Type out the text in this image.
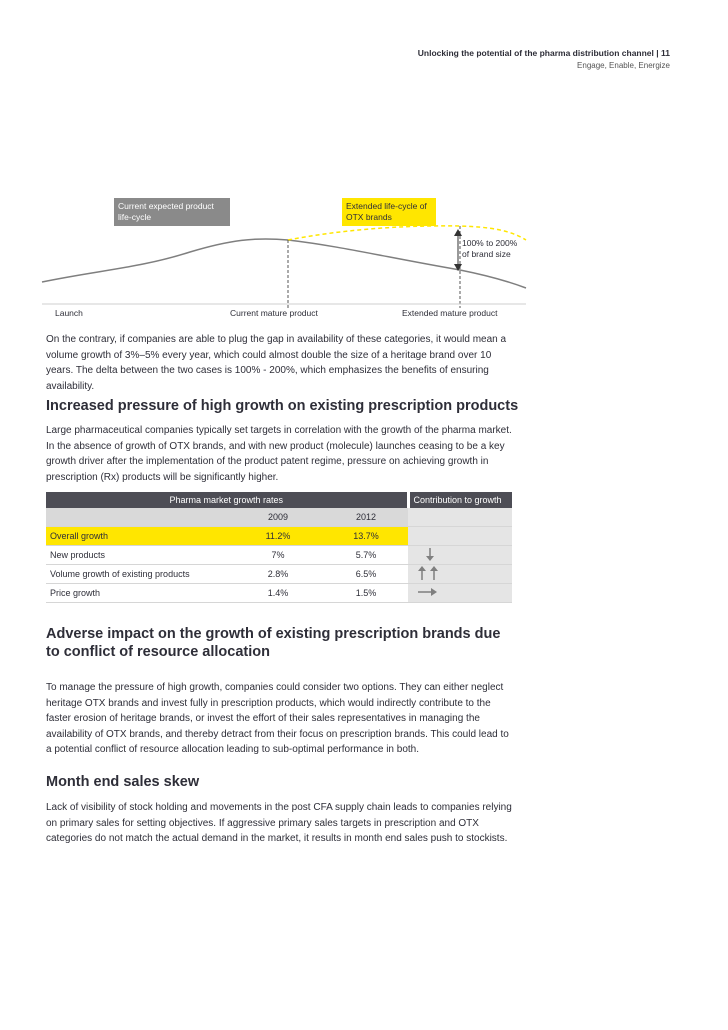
Unlocking the potential of the pharma distribution channel | 11
Engage, Enable, Energize
Current expected product life-cycle
Extended life-cycle of OTX brands
100% to 200% of brand size
Launch	Current mature product	Extended mature product

On the contrary, if companies are able to plug the gap in availability of these categories, it would mean a volume growth of 3%–5% every year, which could almost double the size of a heritage brand over 10 years. The delta between the two cases is 100% - 200%, which emphasizes the benefits of ensuring availability.

Increased pressure of high growth on existing prescription products

Large pharmaceutical companies typically set targets in correlation with the growth of the pharma market. In the absence of growth of OTX brands, and with new product (molecule) launches ceasing to be a key growth driver after the implementation of the product patent regime, pressure on achieving growth in prescription (Rx) products will be significantly higher.

Pharma market growth rates			Contribution to growth
	2009	2012	
Overall growth	11.2%	13.7%	
New products	7%	5.7%	
Volume growth of existing products	2.8%	6.5%	
Price growth	1.4%	1.5%	
Adverse impact on the growth of existing prescription brands due to conflict of resource allocation

To manage the pressure of high growth, companies could consider two options. They can either neglect heritage OTX brands and invest fully in prescription products, which would indirectly contribute to the faster erosion of heritage brands, or invest the effort of their sales representatives in managing the availability of OTX brands, and thereby detract from their focus on prescription brands. This could lead to a potential conflict of resource allocation leading to sub-optimal performance in both.

Month end sales skew

Lack of visibility of stock holding and movements in the post CFA supply chain leads to companies relying on primary sales for setting objectives. If aggressive primary sales targets in prescription and OTX categories do not match the actual demand in the market, it results in month end sales push to stockists.
